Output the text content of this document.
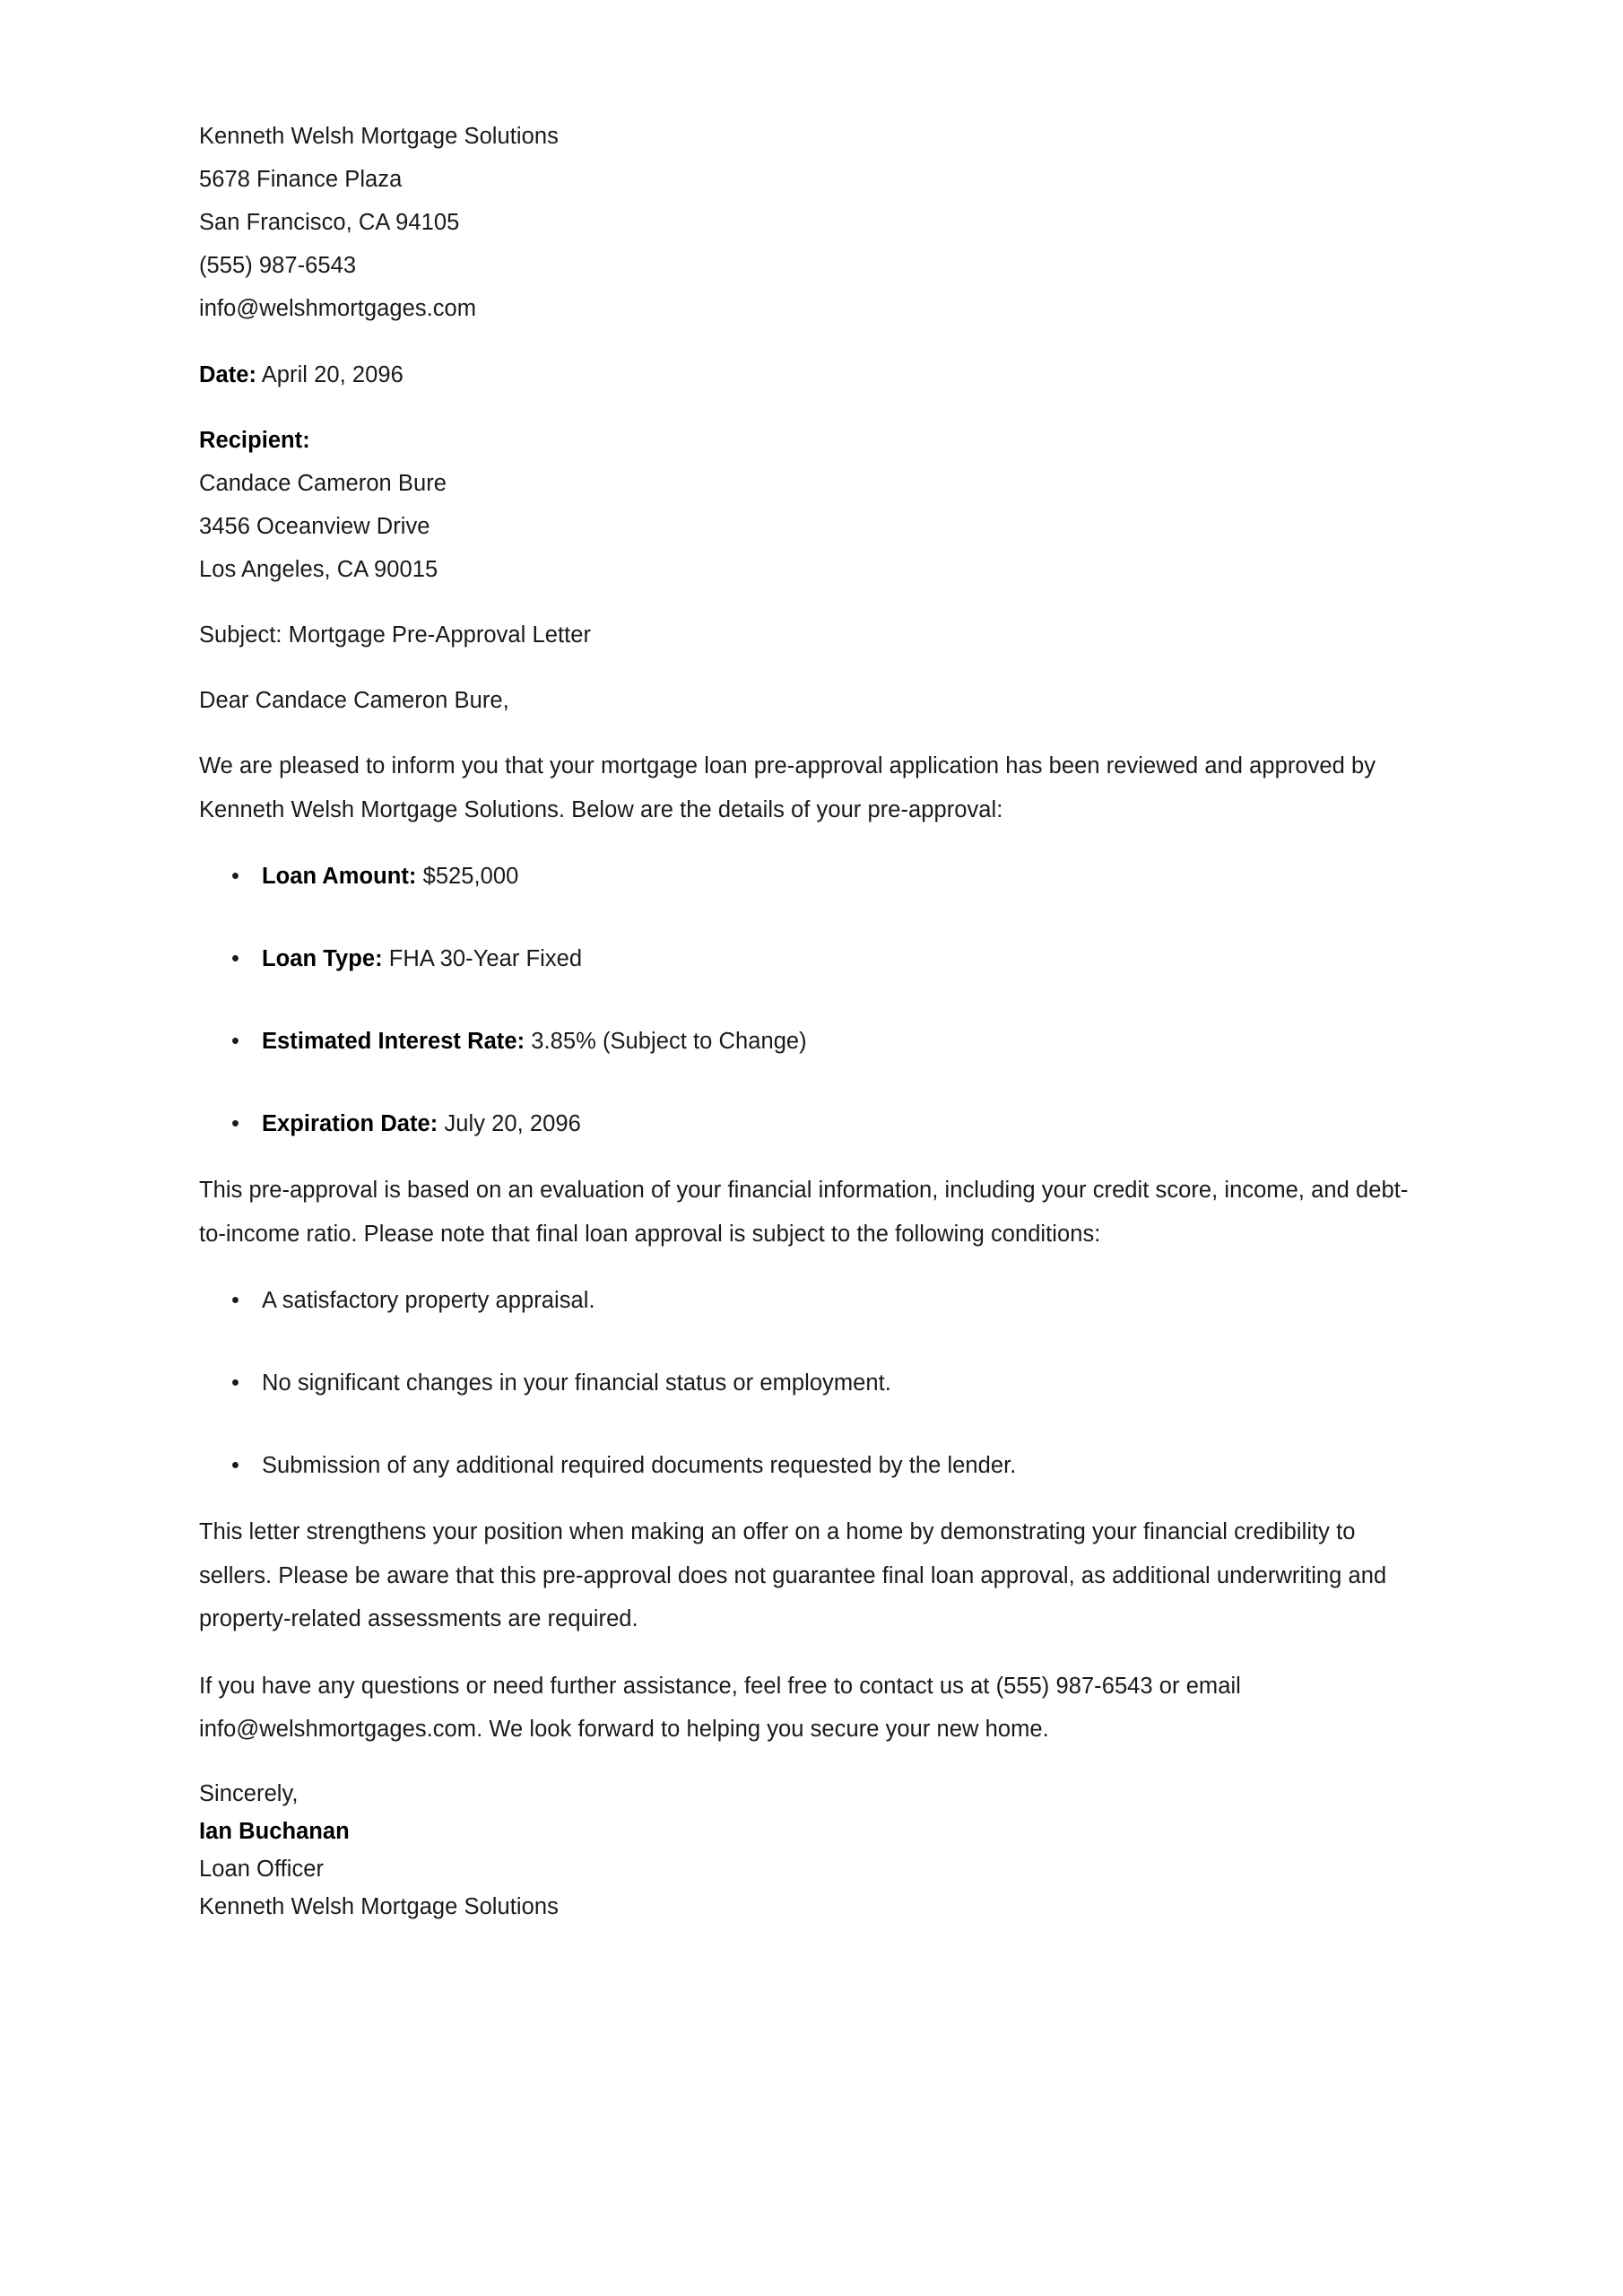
Kenneth Welsh Mortgage Solutions
5678 Finance Plaza
San Francisco, CA 94105
(555) 987-6543
info@welshmortgages.com
Date: April 20, 2096
Recipient:
Candace Cameron Bure
3456 Oceanview Drive
Los Angeles, CA 90015
Subject: Mortgage Pre-Approval Letter
Dear Candace Cameron Bure,

We are pleased to inform you that your mortgage loan pre-approval application has been reviewed and approved by Kenneth Welsh Mortgage Solutions. Below are the details of your pre-approval:

• Loan Amount: $525,000
• Loan Type: FHA 30-Year Fixed
• Estimated Interest Rate: 3.85% (Subject to Change)
• Expiration Date: July 20, 2096

This pre-approval is based on an evaluation of your financial information, including your credit score, income, and debt-to-income ratio. Please note that final loan approval is subject to the following conditions:

• A satisfactory property appraisal.
• No significant changes in your financial status or employment.
• Submission of any additional required documents requested by the lender.

This letter strengthens your position when making an offer on a home by demonstrating your financial credibility to sellers. Please be aware that this pre-approval does not guarantee final loan approval, as additional underwriting and property-related assessments are required.

If you have any questions or need further assistance, feel free to contact us at (555) 987-6543 or email info@welshmortgages.com. We look forward to helping you secure your new home.

Sincerely,
Ian Buchanan
Loan Officer
Kenneth Welsh Mortgage Solutions
